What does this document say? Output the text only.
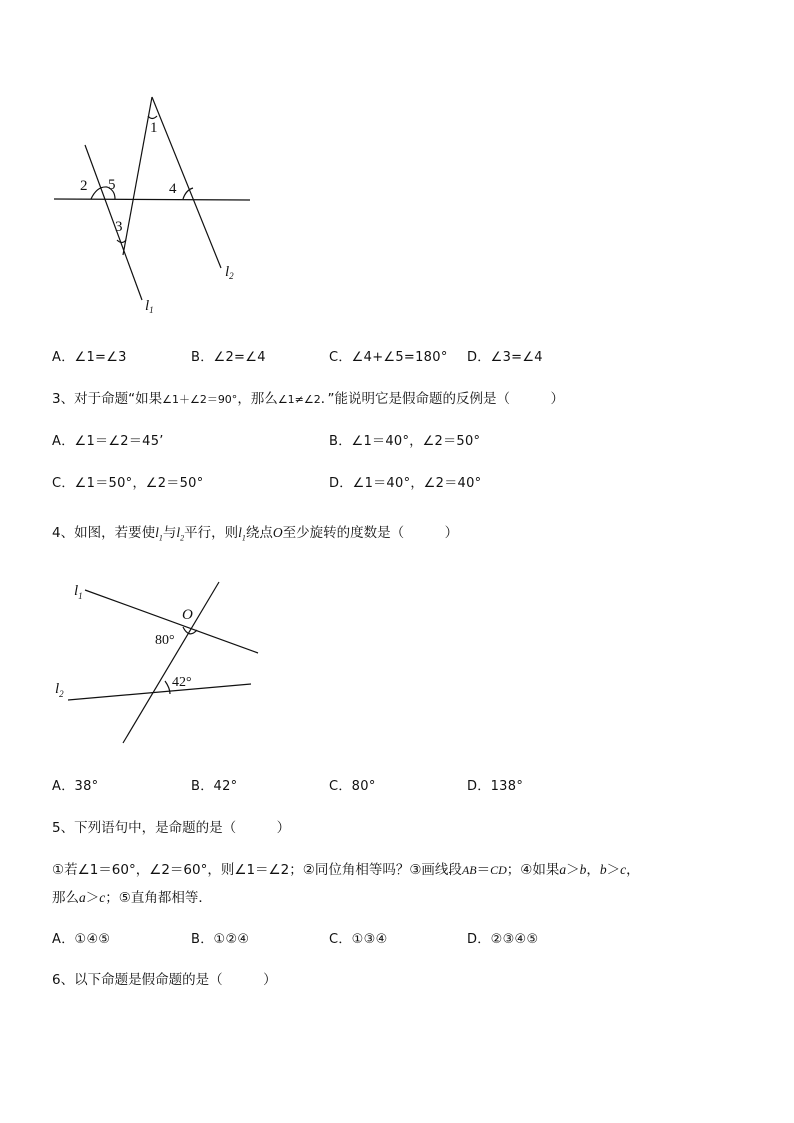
1
2 5
3
4
$l_1$
$l_2$
A．∠1=∠3	B．∠2=∠4	C．∠4+∠5=180° D．∠3=∠4
3、对于命题“如果∠1＋∠2＝90°，那么∠1≠∠2．”能说明它是假命题的反例是（　　　）
A．∠1＝∠2＝45’	B．∠1＝40°，∠2＝50°
C．∠1＝50°，∠2＝50°	D．∠1＝40°，∠2＝40°
4、如图，若要使$l_1$与$l_2$平行，则$l_1$绕点O至少旋转的度数是（　　　）
$l_1$
$l_2$
O
80°
42°
A．38°	B．42°	C．80°	D．138°
5、下列语句中，是命题的是（　　　）
①若∠1＝60°，∠2＝60°，则∠1＝∠2；②同位角相等吗？③画线段AB＝CD；④如果a＞b，b＞c，
那么a＞c；⑤直角都相等．
A．①④⑤	B．①②④	C．①③④	D．②③④⑤
6、以下命题是假命题的是（　　　）
